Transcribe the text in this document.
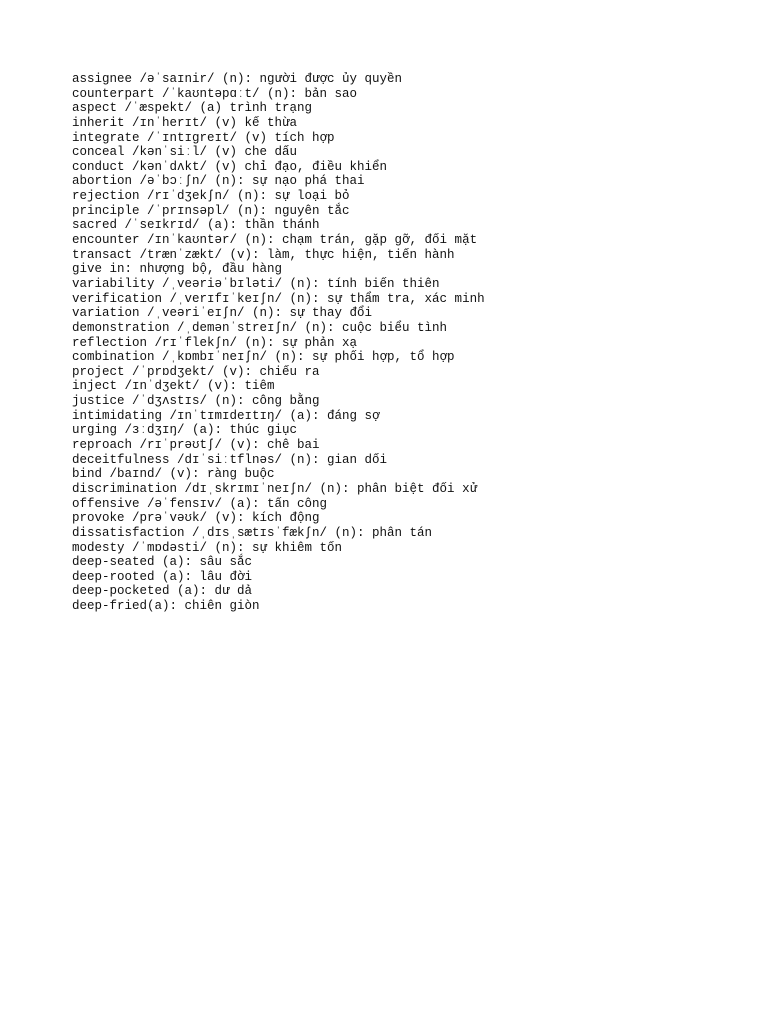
assignee /əˈsaɪnir/ (n): người được ủy quyền
counterpart /ˈkaʊntəpɑːt/ (n): bản sao
aspect /ˈæspekt/ (a) trình trạng
inherit /ɪnˈherɪt/ (v) kế thừa
integrate /ˈɪntɪɡreɪt/ (v) tích hợp
conceal /kənˈsiːl/ (v) che dấu
conduct /kənˈdʌkt/ (v) chỉ đạo, điều khiển
abortion /əˈbɔːʃn/ (n): sự nạo phá thai
rejection /rɪˈdʒekʃn/ (n): sự loại bỏ
principle /ˈprɪnsəpl/ (n): nguyên tắc
sacred /ˈseɪkrɪd/ (a): thần thánh
encounter /ɪnˈkaʊntər/ (n): chạm trán, gặp gỡ, đối mặt
transact /trænˈzækt/ (v): làm, thực hiện, tiến hành
give in: nhượng bộ, đầu hàng
variability /ˌveəriəˈbɪləti/ (n): tính biến thiên
verification /ˌverɪfɪˈkeɪʃn/ (n): sự thẩm tra, xác minh
variation /ˌveəriˈeɪʃn/ (n): sự thay đổi
demonstration /ˌdemənˈstreɪʃn/ (n): cuộc biểu tình
reflection /rɪˈflekʃn/ (n): sự phản xạ
combination /ˌkɒmbɪˈneɪʃn/ (n): sự phối hợp, tổ hợp
project /ˈprɒdʒekt/ (v): chiếu ra
inject /ɪnˈdʒekt/ (v): tiêm
justice /ˈdʒʌstɪs/ (n): công bằng
intimidating /ɪnˈtɪmɪdeɪtɪŋ/ (a): đáng sợ
urging /ɜːdʒɪŋ/ (a): thúc giục
reproach /rɪˈprəʊtʃ/ (v): chê bai
deceitfulness /dɪˈsiːtflnəs/ (n): gian dối
bind /baɪnd/ (v): ràng buộc
discrimination /dɪˌskrɪmɪˈneɪʃn/ (n): phân biệt đối xử
offensive /əˈfensɪv/ (a): tấn công
provoke /prəˈvəʊk/ (v): kích động
dissatisfaction /ˌdɪsˌsætɪsˈfækʃn/ (n): phân tán
modesty /ˈmɒdəsti/ (n): sự khiêm tốn
deep-seated (a): sâu sắc
deep-rooted (a): lâu đời
deep-pocketed (a): dư dả
deep-fried(a): chiên giòn
